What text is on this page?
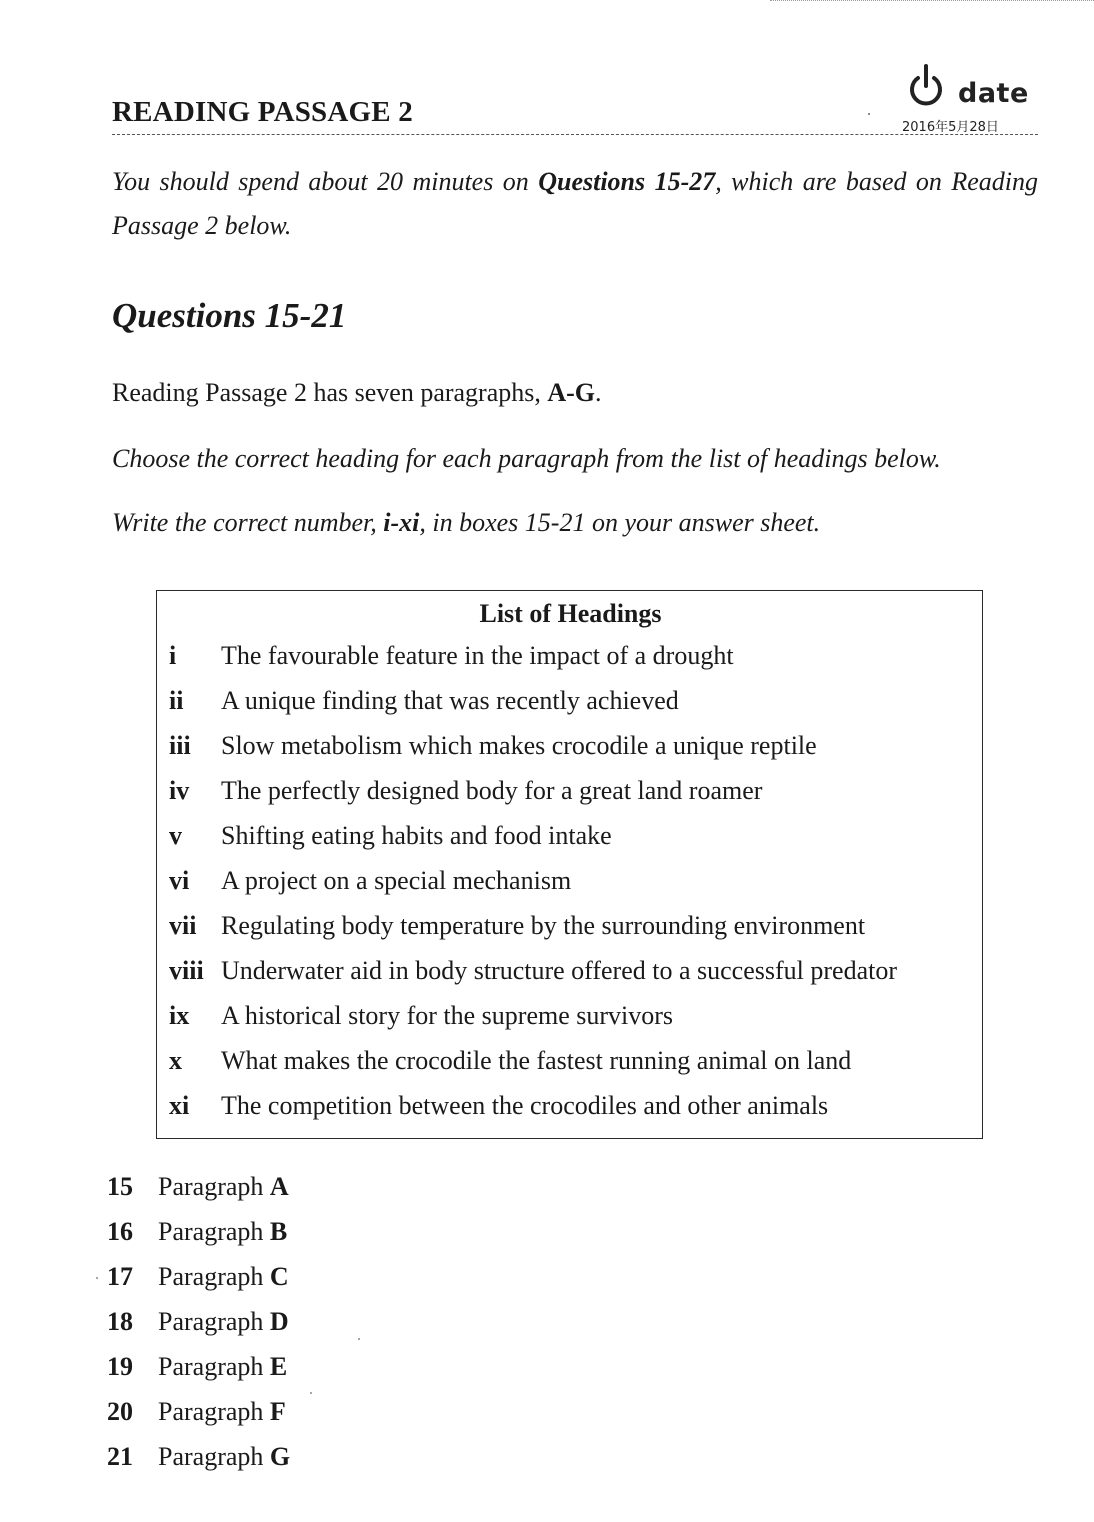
READING PASSAGE 2
date
2016年5月28日
You should spend about 20 minutes on Questions 15-27, which are based on Reading Passage 2 below.
Questions 15-21
Reading Passage 2 has seven paragraphs, A-G.
Choose the correct heading for each paragraph from the list of headings below.
Write the correct number, i-xi, in boxes 15-21 on your answer sheet.
List of Headings
i	The favourable feature in the impact of a drought
ii	A unique finding that was recently achieved
iii	Slow metabolism which makes crocodile a unique reptile
iv	The perfectly designed body for a great land roamer
v	Shifting eating habits and food intake
vi	A project on a special mechanism
vii Regulating body temperature by the surrounding environment
viii Underwater aid in body structure offered to a successful predator
ix	A historical story for the supreme survivors
x	What makes the crocodile the fastest running animal on land
xi	The competition between the crocodiles and other animals
15 Paragraph A
16 Paragraph B
17 Paragraph C
18 Paragraph D
19 Paragraph E
20 Paragraph F
21 Paragraph G
